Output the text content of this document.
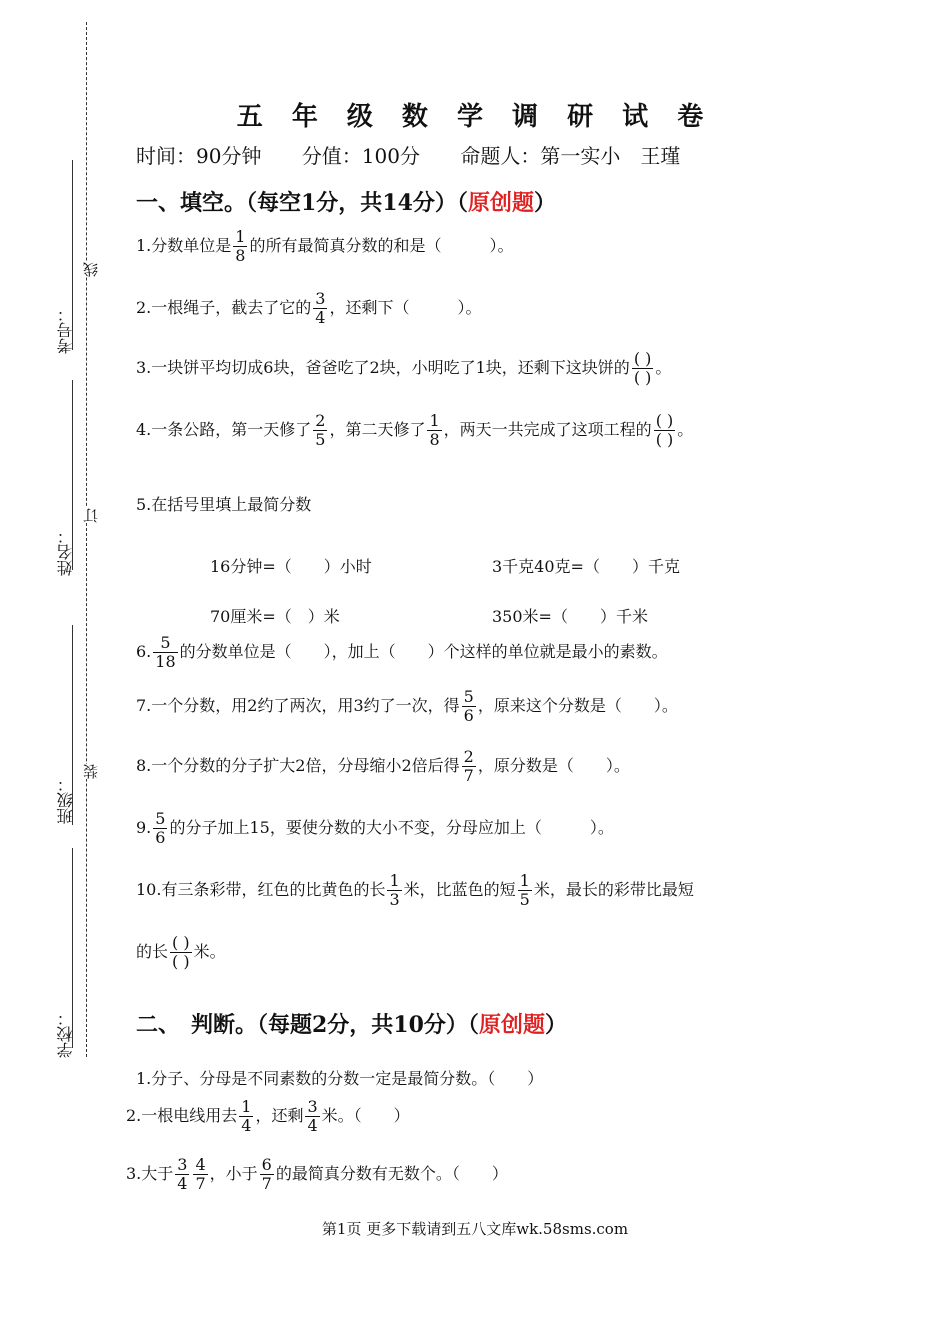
考号：
姓名：
班级：
学校：
线
订
装
五 年 级 数 学 调 研 试 卷
时间：90分钟 分值：100分 命题人：第一实小　王瑾
一、填空。（每空1分，共14分）（原创题）
1.分数单位是 $\frac{1}{8}$ 的所有最简真分数的和是（　　　）。
2.一根绳子，截去了它的 $\frac{3}{4}$ ，还剩下（　　　）。
3.一块饼平均切成6块，爸爸吃了2块，小明吃了1块，还剩下这块饼的 ( )
( )
。
4.一条公路，第一天修了 $\frac{2}{5}$ ，第二天修了 $\frac{1}{8}$ ，两天一共完成了这项工程的 ( )
( )
。
5.在括号里填上最简分数
16分钟=（　　）小时	3千克40克=（　　）千克
70厘米=（　）米	350米=（　　）千米
6. $\frac{5}{18}$ 的分数单位是（　　），加上（　　）个这样的单位就是最小的素数。
7.一个分数，用2约了两次，用3约了一次，得 $\frac{5}{6}$ ，原来这个分数是（　　）。
8.一个分数的分子扩大2倍，分母缩小2倍后得 $\frac{2}{7}$ ，原分数是（　　）。
9. $\frac{5}{6}$ 的分子加上15，要使分数的大小不变，分母应加上（　　　）。
10.有三条彩带，红色的比黄色的长 $\frac{1}{3}$ 米，比蓝色的短 $\frac{1}{5}$ 米，最长的彩带比最短
的长 ( )
( )
米。
二、　判断。（每题2分，共10分）（原创题）
1.分子、分母是不同素数的分数一定是最简分数。（　　）
2.一根电线用去 $\frac{1}{4}$ ，还剩 $\frac{3}{4}$ 米。（　　）
3.大于 $\frac{3}{4} \frac{4}{7}$ ，小于 $\frac{6}{7}$ 的最简真分数有无数个。（　　）
第1页 更多下载请到五八文库wk.58sms.com
